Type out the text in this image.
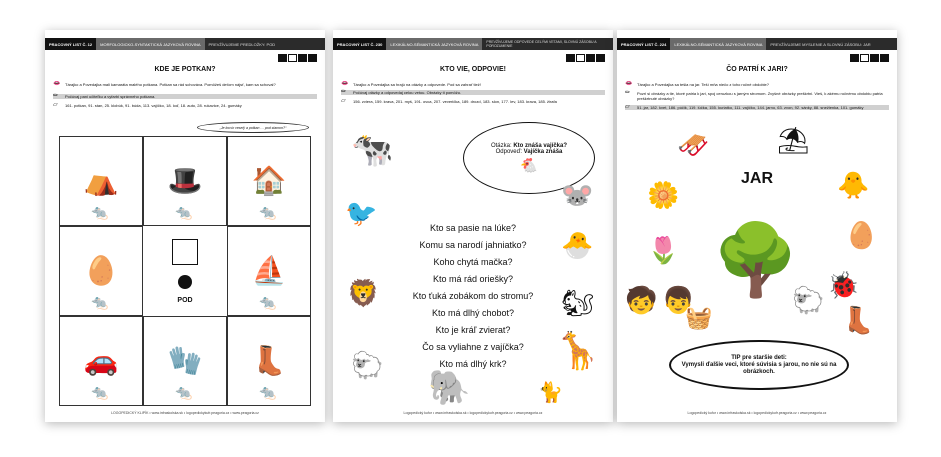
PRACOVNÝ LIST Č. 12	MORFOLOGICKO-SYNTAKTICKÁ JAZYKOVÁ ROVINA	PREVŽÍVUJEME PREDLOŽKY: POD
KDE JE POTKAN?
👄	Tárajko a Povedajka mali kamaráta malého potkana. Potkan sa rád schováva. Pomôžeš deťom nájsť, kam sa schoval?
✏	Počúvaj pani učiteľku a vyfarbi správneho potkana.
▱	161. potkan, 91. stan, 25. klobúk, 91. búda, 113. vajíčko, 18. loď, 18. auto, 28. rukavice, 24. gumáky
„Je kocúr veselý a potkan … pod stanom?“
⛺
🐀
🎩
🐀
🏠
🐀
🥚
🐀	POD
⛵
🐀
🚗
🐀
🧤
🐀
👢
🐀
LOGOPEDICKÝ KLIPÍK • www.infraskolska.sk • logopedickykufr.peagoria.cz • www.peagoria.cz
PRACOVNÝ LIST Č. 230	LEXIKÁLNO-SÉMANTICKÁ JAZYKOVÁ ROVINA	PREVŽÍVUJEME ODPOVEDE CELÝMI VETAMI, SLOVNÚ ZÁSOBU A POROZUMENIE
KTO VIE, ODPOVIE!
👄	Tárajko a Povedajka sa hrajú na otázky a odpovede. Pod sa zahrať tiež!
✏	Počúvaj otázky a odpovedaj celou vetou. Obrázky ti pomôžu.
▱	156. zviera, 159. krava, 201. myš, 191. ovca, 207. veverička, 189. drozd, 183. slon, 177. lev, 183. krava, 185. žirafa
🐄	Otázka: Kto znáša vajíčka?
Odpoveď: Vajíčka znáša
🐔
Kto sa pasie na lúke?
Komu sa narodí jahniatko?
Koho chytá mačka?
Kto má rád oriešky?
Kto ťuká zobákom do stromu?
Kto má dlhý chobot?
Kto je kráľ zvierat?
Čo sa vyliahne z vajíčka?
Kto má dlhý krk?
🐦
🐭
🐣
🦁	🐿
🐑
🐘
🦒
🐈
Logopedický kufor • www.infraskolska.sk • logopedickykufr.peagoria.cz • www.peagoria.cz
PRACOVNÝ LIST Č. 224	LEXIKÁLNO-SÉMANTICKÁ JAZYKOVÁ ROVINA	PREVŽÍVUJEME MYSLENIE A SLOVNÚ ZÁSOBU: JAR
ČO PATRÍ K JARI?
👄	Tárajko a Povedajka sa tešia na jar. Teší mňa niečo z toho ročné obdobie?
✏	Pozri si obrázky a tie, ktoré patria k jari, spoj ceruzkou s jarným stromom. Zvyšné obrázky preškrtni. Vieš, k akému ročnému obdobiu patria preškrtnuté obrázky?
▱	51. jar, 182. kvet, 186. púčik, 119. lúčka, 155. kuriatko, 111. vajíčko, 144. jarno, 63. zvon, 92. sánky, 88. snežienka, 101. gumáky
🛷	⛱
🌼	🐥
JAR
🌳
🌷	🥚
🧒 👦
🧺
🐑 🐞
👢
TIP pre staršie deti:
Vymysli ďalšie veci, ktoré súvisia s jarou, no nie sú na obrázkoch.
Logopedický kufor • www.infraskolska.sk • logopedickykufr.peagoria.cz • www.peagoria.cz
